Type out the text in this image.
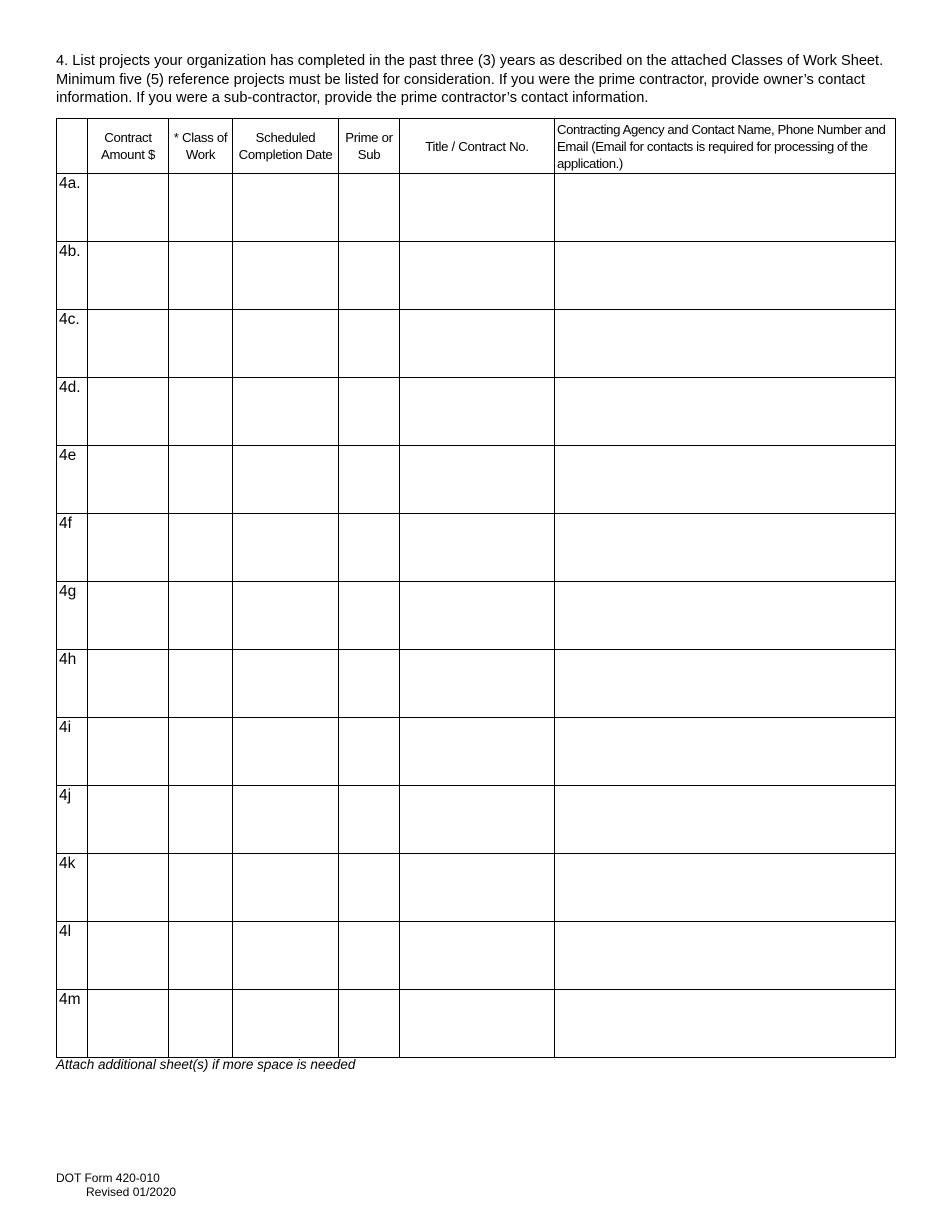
4. List projects your organization has completed in the past three (3) years as described on the attached Classes of Work Sheet. Minimum five (5) reference projects must be listed for consideration. If you were the prime contractor, provide owner’s contact information. If you were a sub-contractor, provide the prime contractor’s contact information.

	Contract Amount $	* Class of Work	Scheduled Completion Date	Prime or Sub	Title / Contract No.	Contracting Agency and Contact Name, Phone Number and Email (Email for contacts is required for processing of the application.)
4a.						
4b.						
4c.						
4d.						
4e						
4f						
4g						
4h						
4i						
4j						
4k						
4l						
4m						

Attach additional sheet(s) if more space is needed

DOT Form 420-010

Revised 01/2020
